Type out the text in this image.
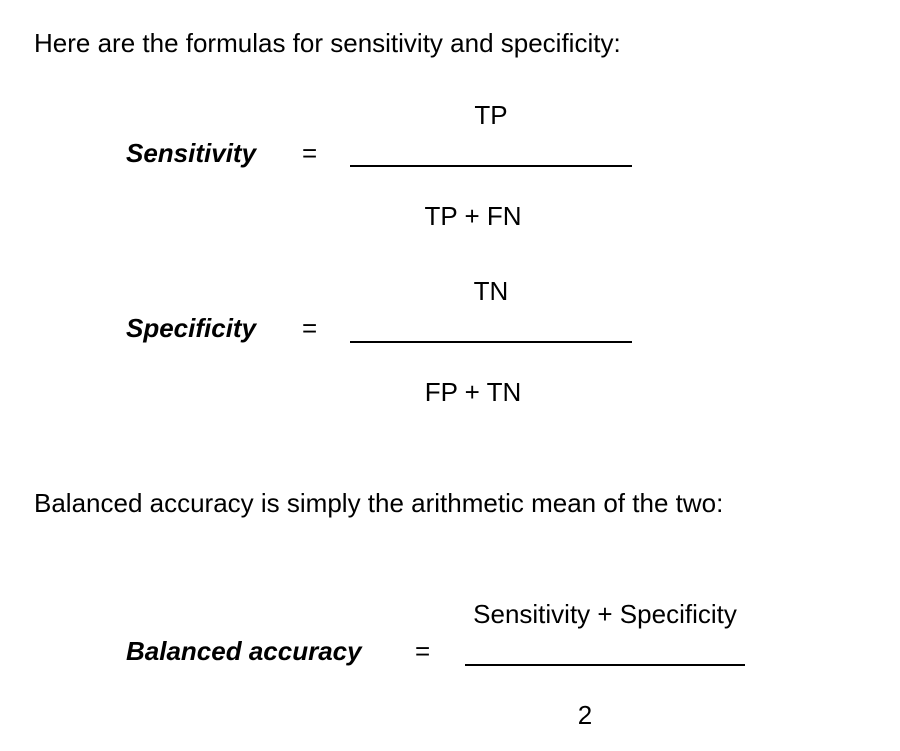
Here are the formulas for sensitivity and specificity:
Sensitivity =
TP
TP + FN
Specificity =
TN
FP + TN
Balanced accuracy is simply the arithmetic mean of the two:
Balanced accuracy =
Sensitivity + Specificity
2
